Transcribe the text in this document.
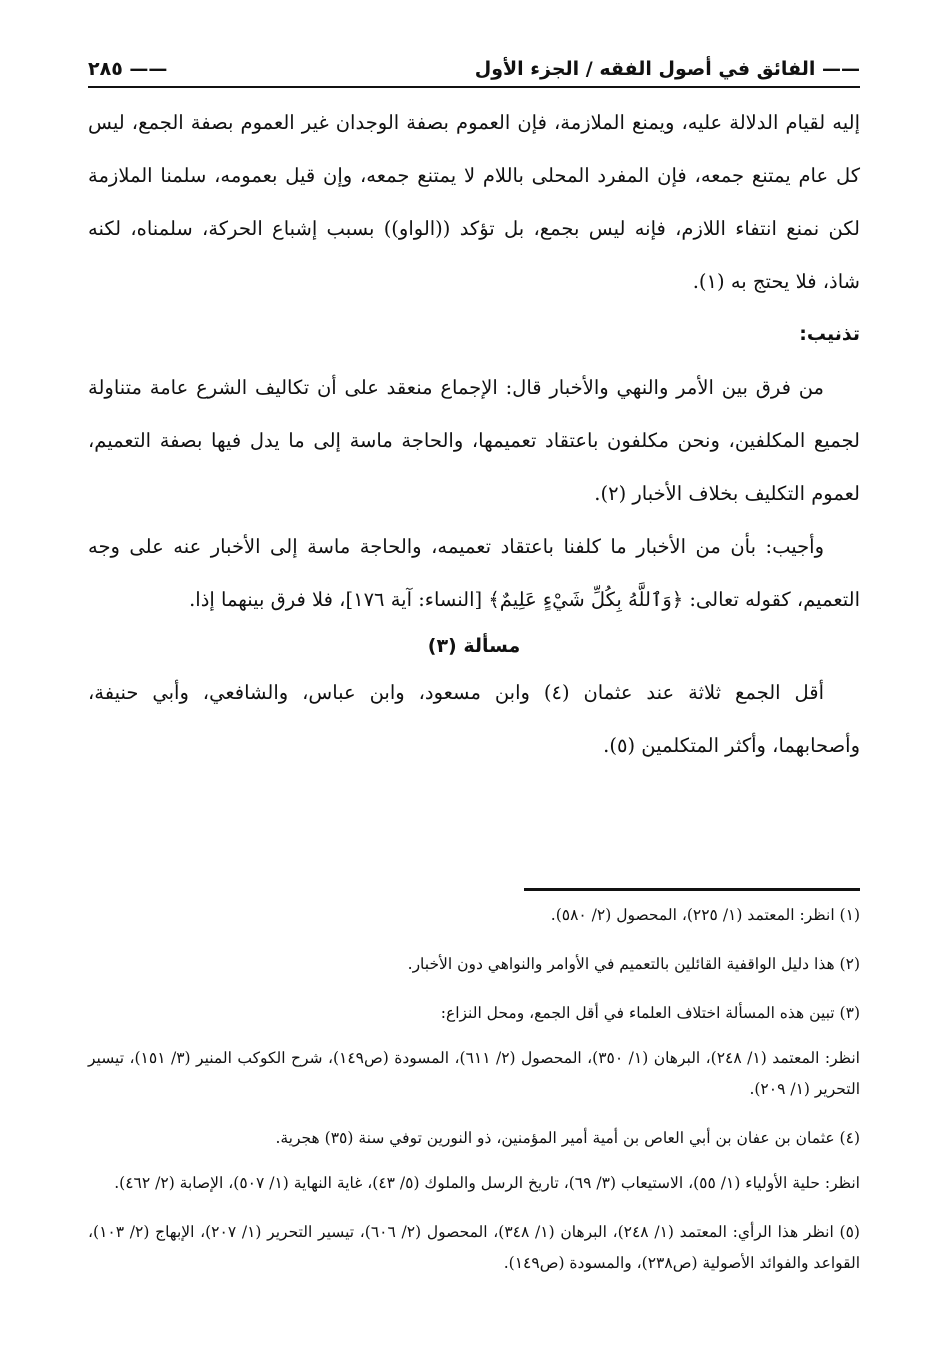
—— الفائق في أصول الفقه / الجزء الأول
٢٨٥ ——

إليه لقيام الدلالة عليه، ويمنع الملازمة، فإن العموم بصفة الوجدان غير العموم بصفة الجمع، ليس كل عام يمتنع جمعه، فإن المفرد المحلى باللام لا يمتنع جمعه، وإن قيل بعمومه، سلمنا الملازمة لكن نمنع انتفاء اللازم، فإنه ليس بجمع، بل تؤكد ((الواو)) بسبب إشباع الحركة، سلمناه، لكنه شاذ، فلا يحتج به (١).

تذنيب:

من فرق بين الأمر والنهي والأخبار قال: الإجماع منعقد على أن تكاليف الشرع عامة متناولة لجميع المكلفين، ونحن مكلفون باعتقاد تعميمها، والحاجة ماسة إلى ما يدل فيها بصفة التعميم، لعموم التكليف بخلاف الأخبار (٢).

وأجيب: بأن من الأخبار ما كلفنا باعتقاد تعميمه، والحاجة ماسة إلى الأخبار عنه على وجه التعميم، كقوله تعالى: ﴿وَٱللَّهُ بِكُلِّ شَيْءٍ عَلِيمٌ﴾ [النساء: آية ١٧٦]، فلا فرق بينهما إذا.

مسألة (٣)

أقل الجمع ثلاثة عند عثمان (٤) وابن مسعود، وابن عباس، والشافعي، وأبي حنيفة، وأصحابهما، وأكثر المتكلمين (٥).

(١) انظر: المعتمد (١/ ٢٢٥)، المحصول (٢/ ٥٨٠).

(٢) هذا دليل الواقفية القائلين بالتعميم في الأوامر والنواهي دون الأخبار.

(٣) تبين هذه المسألة اختلاف العلماء في أقل الجمع، ومحل النزاع:

انظر: المعتمد (١/ ٢٤٨)، البرهان (١/ ٣٥٠)، المحصول (٢/ ٦١١)، المسودة (ص١٤٩)، شرح الكوكب المنير (٣/ ١٥١)، تيسير التحرير (١/ ٢٠٩).

(٤) عثمان بن عفان بن أبي العاص بن أمية أمير المؤمنين، ذو النورين توفي سنة (٣٥) هجرية.

انظر: حلية الأولياء (١/ ٥٥)، الاستيعاب (٣/ ٦٩)، تاريخ الرسل والملوك (٥/ ٤٣)، غاية النهاية (١/ ٥٠٧)، الإصابة (٢/ ٤٦٢).

(٥) انظر هذا الرأي: المعتمد (١/ ٢٤٨)، البرهان (١/ ٣٤٨)، المحصول (٢/ ٦٠٦)، تيسير التحرير (١/ ٢٠٧)، الإبهاج (٢/ ١٠٣)، القواعد والفوائد الأصولية (ص٢٣٨)، والمسودة (ص١٤٩).
